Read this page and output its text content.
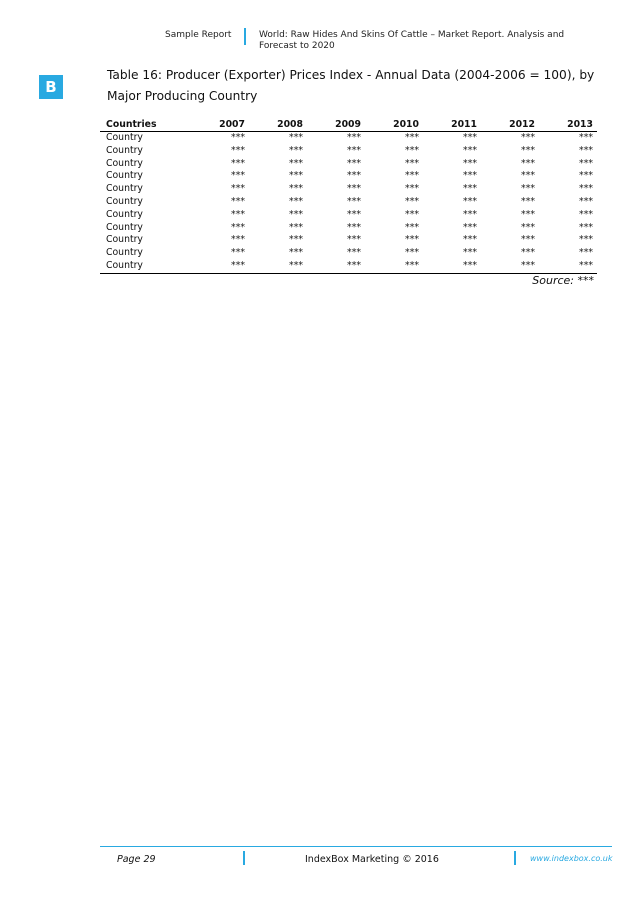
Sample Report	World: Raw Hides And Skins Of Cattle – Market Report. Analysis and Forecast to 2020
B
Table 16: Producer (Exporter) Prices Index - Annual Data (2004-2006 = 100), by Major Producing Country
Countries	2007	2008	2009	2010	2011	2012	2013
Country	***	***	***	***	***	***	***
Country	***	***	***	***	***	***	***
Country	***	***	***	***	***	***	***
Country	***	***	***	***	***	***	***
Country	***	***	***	***	***	***	***
Country	***	***	***	***	***	***	***
Country	***	***	***	***	***	***	***
Country	***	***	***	***	***	***	***
Country	***	***	***	***	***	***	***
Country	***	***	***	***	***	***	***
Country	***	***	***	***	***	***	***
Source: ***
Page 29	IndexBox Marketing © 2016	www.indexbox.co.uk
